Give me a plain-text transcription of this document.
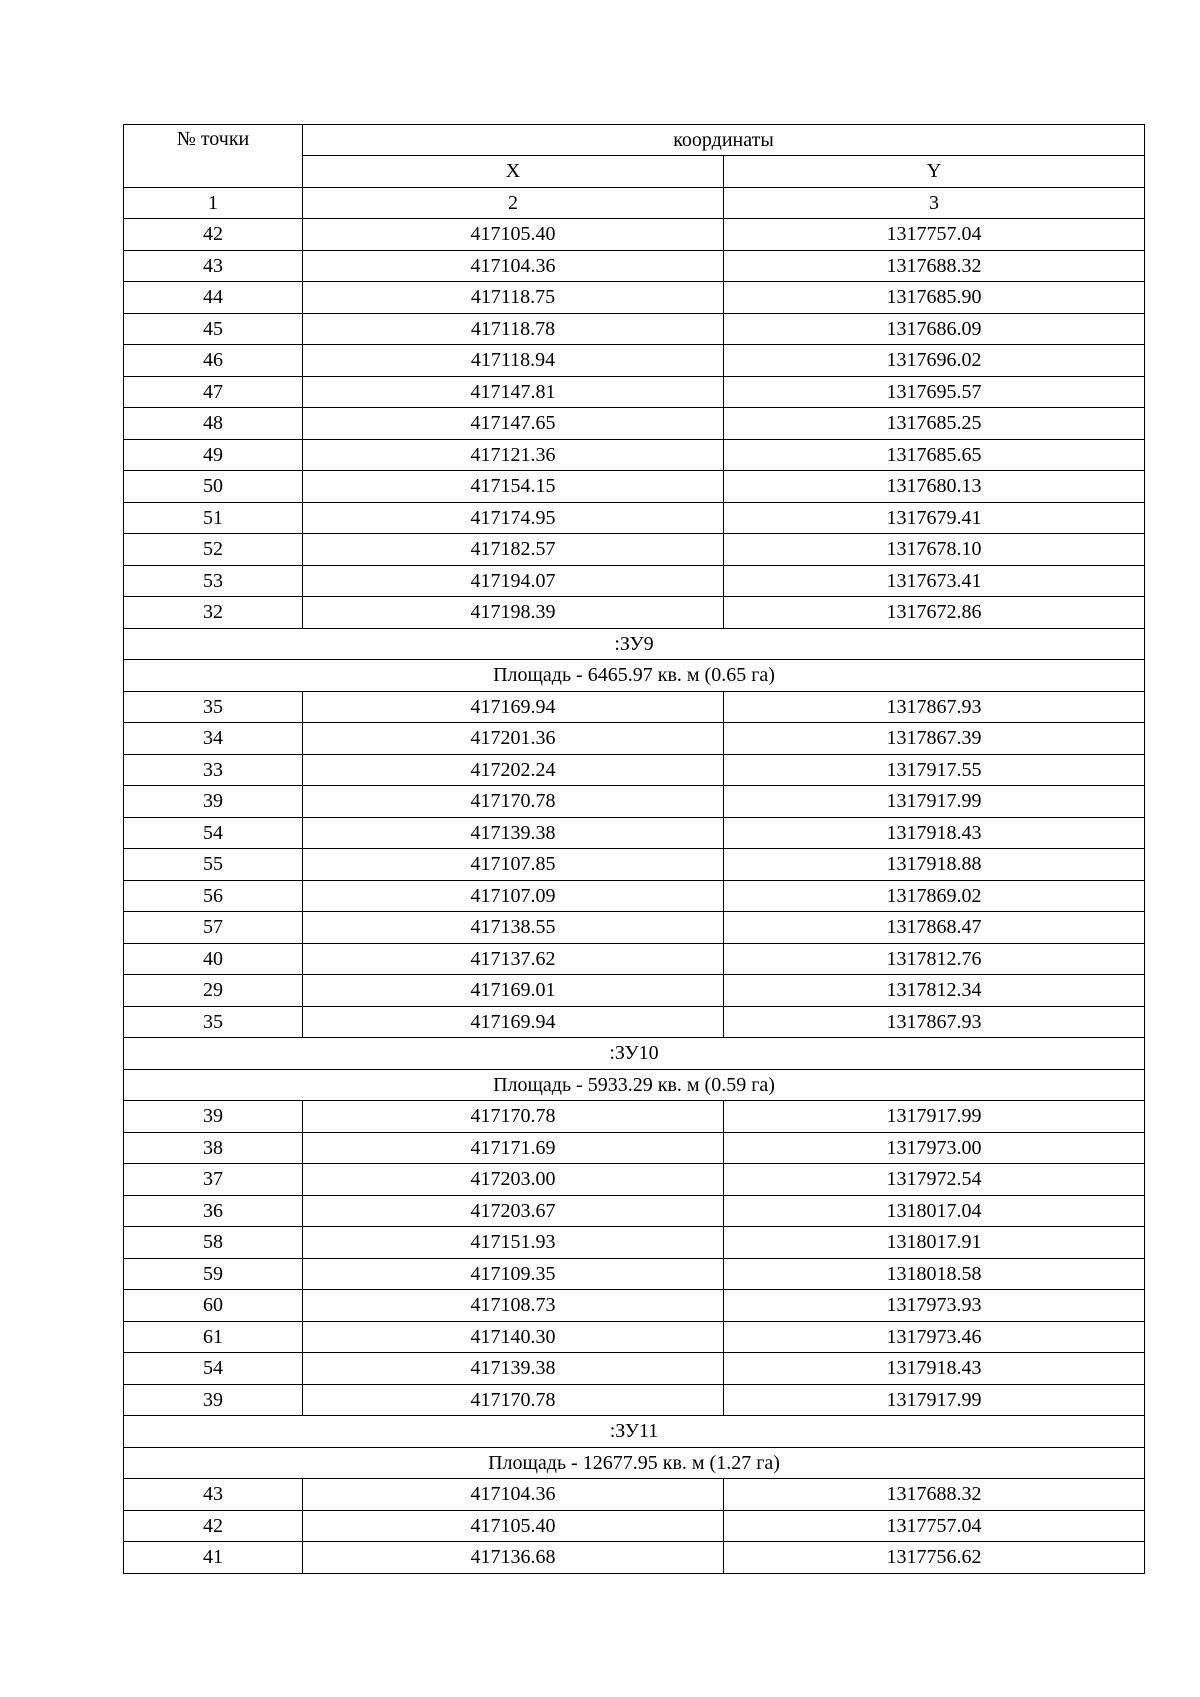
№ точки	координаты	
	X	Y
1	2	3
42	417105.40	1317757.04
43	417104.36	1317688.32
44	417118.75	1317685.90
45	417118.78	1317686.09
46	417118.94	1317696.02
47	417147.81	1317695.57
48	417147.65	1317685.25
49	417121.36	1317685.65
50	417154.15	1317680.13
51	417174.95	1317679.41
52	417182.57	1317678.10
53	417194.07	1317673.41
32	417198.39	1317672.86
:ЗУ9		
Площадь - 6465.97 кв. м (0.65 га)		
35	417169.94	1317867.93
34	417201.36	1317867.39
33	417202.24	1317917.55
39	417170.78	1317917.99
54	417139.38	1317918.43
55	417107.85	1317918.88
56	417107.09	1317869.02
57	417138.55	1317868.47
40	417137.62	1317812.76
29	417169.01	1317812.34
35	417169.94	1317867.93
:ЗУ10		
Площадь - 5933.29 кв. м (0.59 га)		
39	417170.78	1317917.99
38	417171.69	1317973.00
37	417203.00	1317972.54
36	417203.67	1318017.04
58	417151.93	1318017.91
59	417109.35	1318018.58
60	417108.73	1317973.93
61	417140.30	1317973.46
54	417139.38	1317918.43
39	417170.78	1317917.99
:ЗУ11		
Площадь - 12677.95 кв. м (1.27 га)		
43	417104.36	1317688.32
42	417105.40	1317757.04
41	417136.68	1317756.62
